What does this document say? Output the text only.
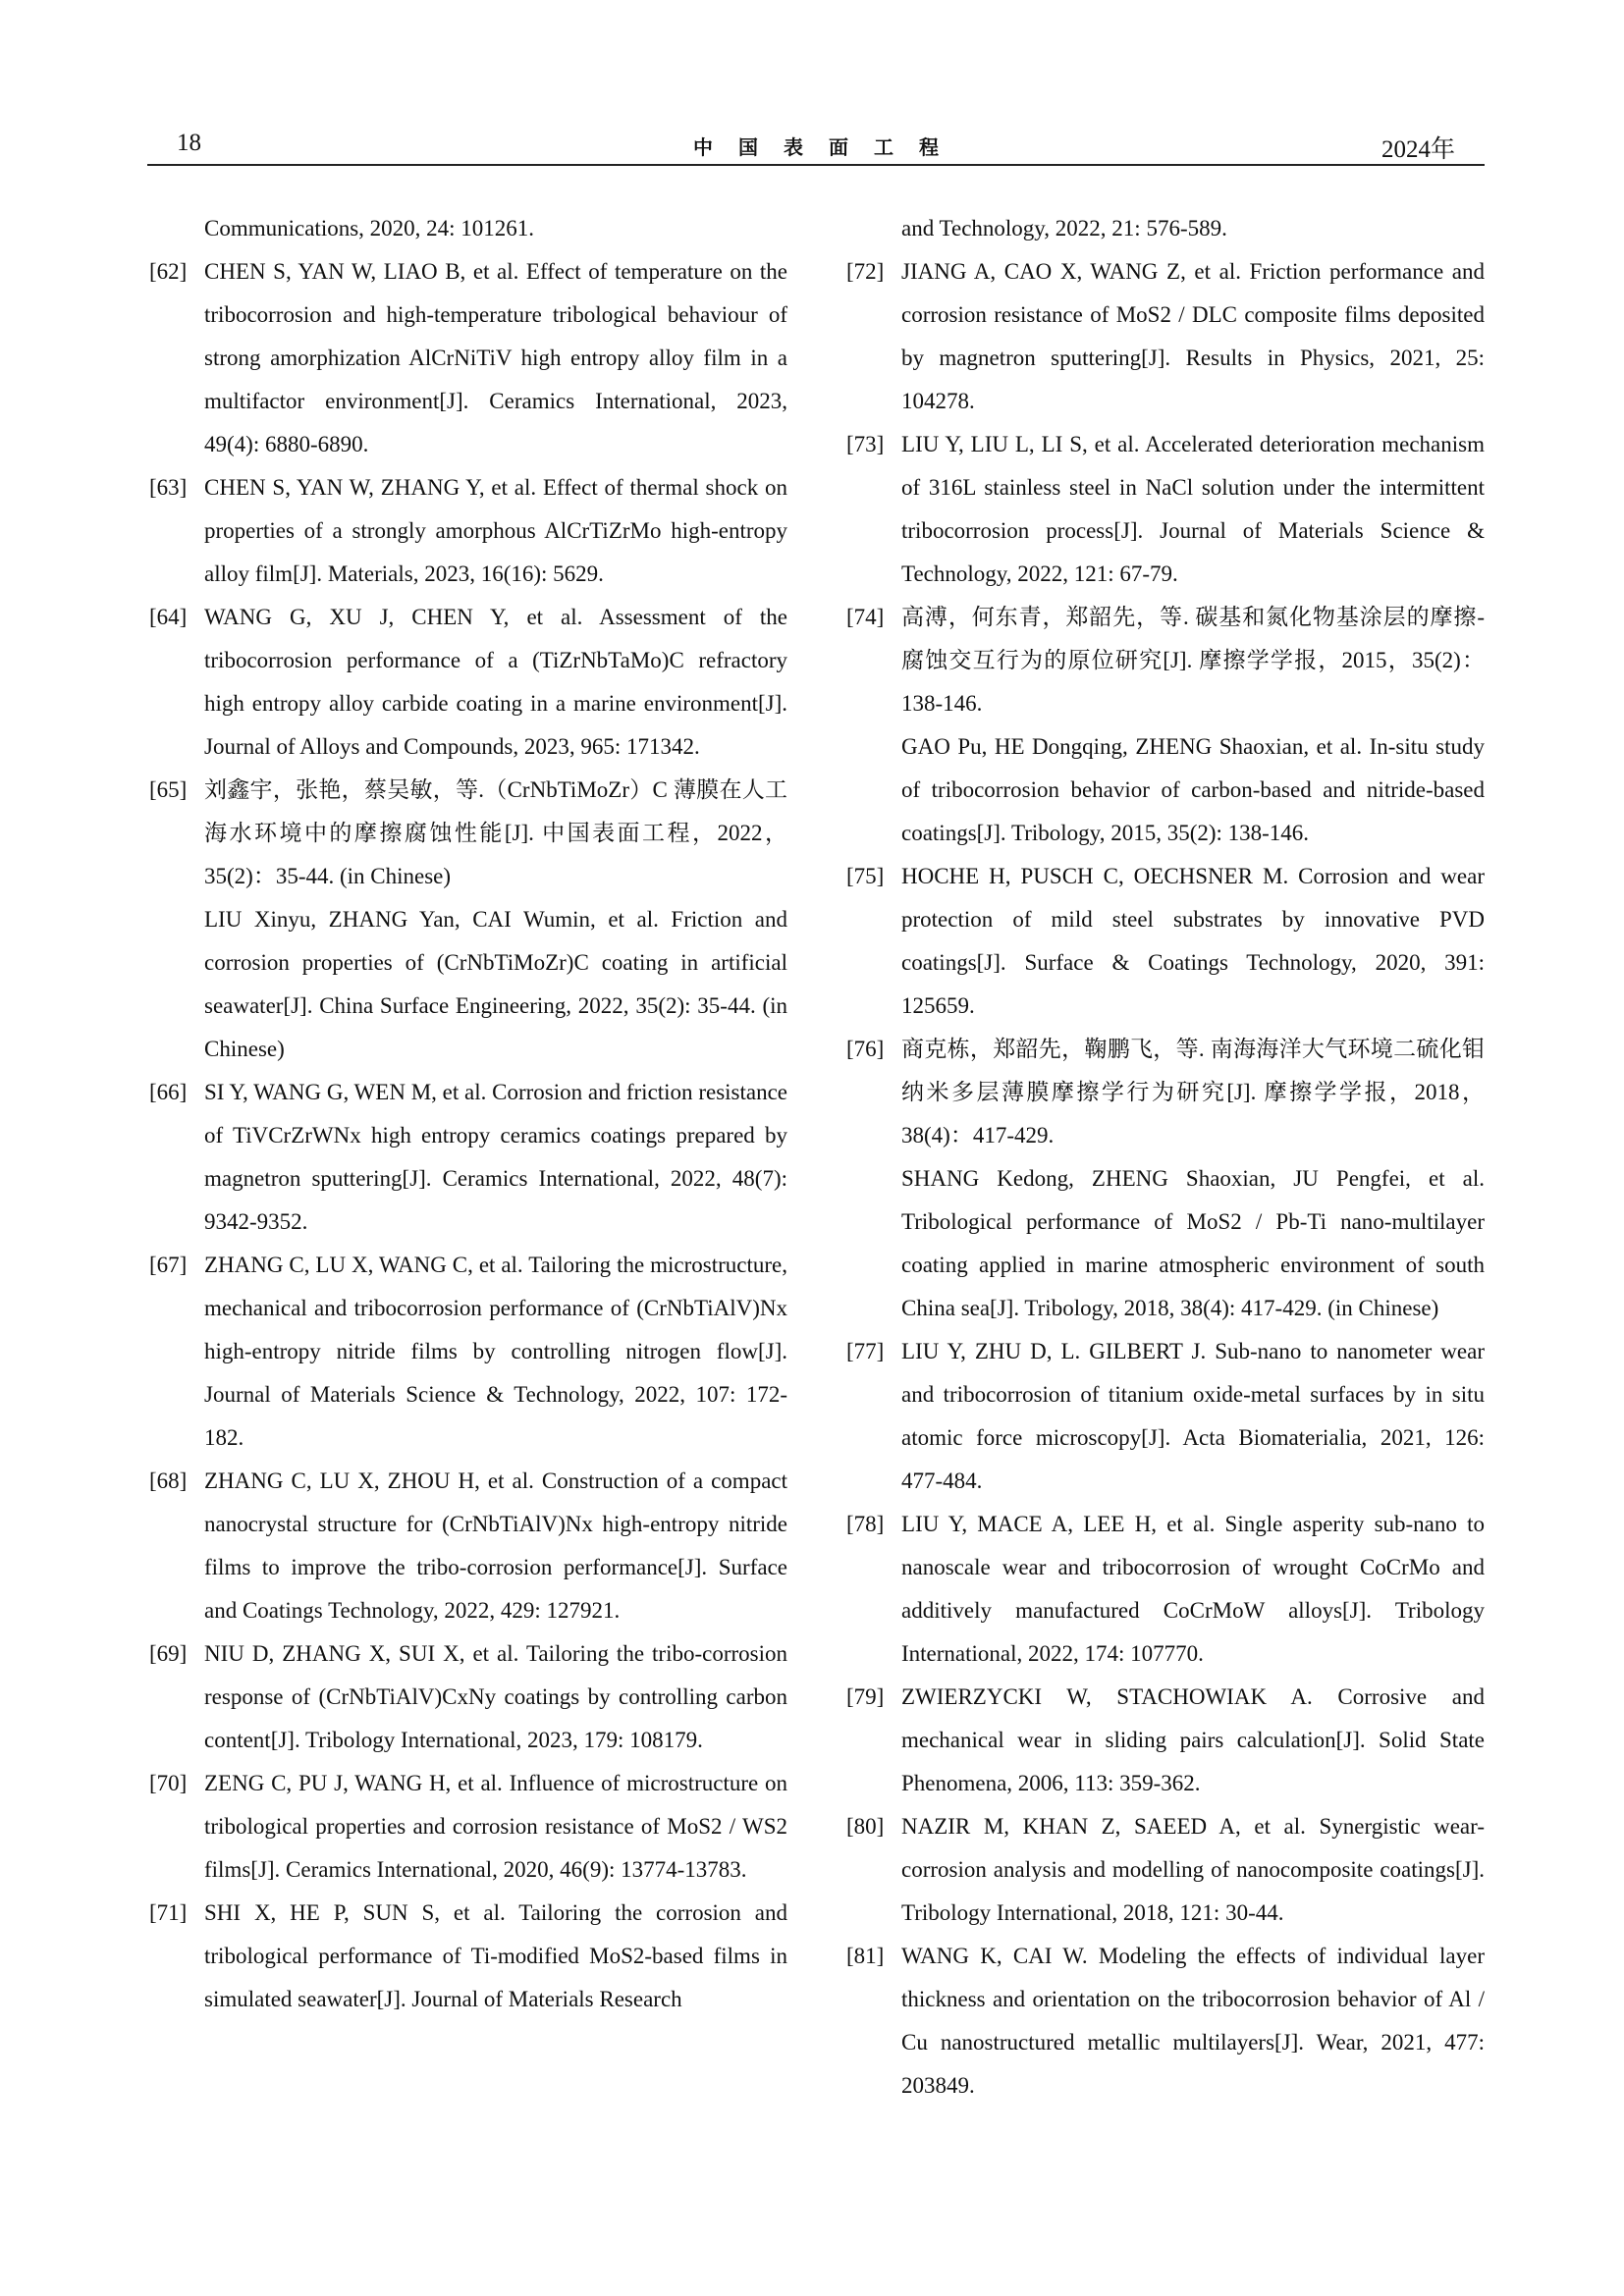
18	中国表面工程	2024年
Communications, 2020, 24: 101261.
[62] CHEN S, YAN W, LIAO B, et al. Effect of temperature on the tribocorrosion and high-temperature tribological behaviour of strong amorphization AlCrNiTiV high entropy alloy film in a multifactor environment[J]. Ceramics International, 2023, 49(4): 6880-6890.
[63] CHEN S, YAN W, ZHANG Y, et al. Effect of thermal shock on properties of a strongly amorphous AlCrTiZrMo high-entropy alloy film[J]. Materials, 2023, 16(16): 5629.
[64] WANG G, XU J, CHEN Y, et al. Assessment of the tribocorrosion performance of a (TiZrNbTaMo)C refractory high entropy alloy carbide coating in a marine environment[J]. Journal of Alloys and Compounds, 2023, 965: 171342.
[65] 刘鑫宇，张艳，蔡吴敏，等.（CrNbTiMoZr）C 薄膜在人工海水环境中的摩擦腐蚀性能[J]. 中国表面工程，2022，35(2)：35-44. (in Chinese)
LIU Xinyu, ZHANG Yan, CAI Wumin, et al. Friction and corrosion properties of (CrNbTiMoZr)C coating in artificial seawater[J]. China Surface Engineering, 2022, 35(2): 35-44. (in Chinese)
[66] SI Y, WANG G, WEN M, et al. Corrosion and friction resistance of TiVCrZrWNx high entropy ceramics coatings prepared by magnetron sputtering[J]. Ceramics International, 2022, 48(7): 9342-9352.
[67] ZHANG C, LU X, WANG C, et al. Tailoring the microstructure, mechanical and tribocorrosion performance of (CrNbTiAlV)Nx high-entropy nitride films by controlling nitrogen flow[J]. Journal of Materials Science & Technology, 2022, 107: 172-182.
[68] ZHANG C, LU X, ZHOU H, et al. Construction of a compact nanocrystal structure for (CrNbTiAlV)Nx high-entropy nitride films to improve the tribo-corrosion performance[J]. Surface and Coatings Technology, 2022, 429: 127921.
[69] NIU D, ZHANG X, SUI X, et al. Tailoring the tribo-corrosion response of (CrNbTiAlV)CxNy coatings by controlling carbon content[J]. Tribology International, 2023, 179: 108179.
[70] ZENG C, PU J, WANG H, et al. Influence of microstructure on tribological properties and corrosion resistance of MoS2 / WS2 films[J]. Ceramics International, 2020, 46(9): 13774-13783.
[71] SHI X, HE P, SUN S, et al. Tailoring the corrosion and tribological performance of Ti-modified MoS2-based films in simulated seawater[J]. Journal of Materials Research
and Technology, 2022, 21: 576-589.
[72] JIANG A, CAO X, WANG Z, et al. Friction performance and corrosion resistance of MoS2 / DLC composite films deposited by magnetron sputtering[J]. Results in Physics, 2021, 25: 104278.
[73] LIU Y, LIU L, LI S, et al. Accelerated deterioration mechanism of 316L stainless steel in NaCl solution under the intermittent tribocorrosion process[J]. Journal of Materials Science & Technology, 2022, 121: 67-79.
[74] 高溥，何东青，郑韶先，等. 碳基和氮化物基涂层的摩擦-腐蚀交互行为的原位研究[J]. 摩擦学学报，2015，35(2)：138-146.
GAO Pu, HE Dongqing, ZHENG Shaoxian, et al. In-situ study of tribocorrosion behavior of carbon-based and nitride-based coatings[J]. Tribology, 2015, 35(2): 138-146.
[75] HOCHE H, PUSCH C, OECHSNER M. Corrosion and wear protection of mild steel substrates by innovative PVD coatings[J]. Surface & Coatings Technology, 2020, 391: 125659.
[76] 商克栋，郑韶先，鞠鹏飞，等. 南海海洋大气环境二硫化钼纳米多层薄膜摩擦学行为研究[J]. 摩擦学学报，2018，38(4)：417-429.
SHANG Kedong, ZHENG Shaoxian, JU Pengfei, et al. Tribological performance of MoS2 / Pb-Ti nano-multilayer coating applied in marine atmospheric environment of south China sea[J]. Tribology, 2018, 38(4): 417-429. (in Chinese)
[77] LIU Y, ZHU D, L. GILBERT J. Sub-nano to nanometer wear and tribocorrosion of titanium oxide-metal surfaces by in situ atomic force microscopy[J]. Acta Biomaterialia, 2021, 126: 477-484.
[78] LIU Y, MACE A, LEE H, et al. Single asperity sub-nano to nanoscale wear and tribocorrosion of wrought CoCrMo and additively manufactured CoCrMoW alloys[J]. Tribology International, 2022, 174: 107770.
[79] ZWIERZYCKI W, STACHOWIAK A. Corrosive and mechanical wear in sliding pairs calculation[J]. Solid State Phenomena, 2006, 113: 359-362.
[80] NAZIR M, KHAN Z, SAEED A, et al. Synergistic wear-corrosion analysis and modelling of nanocomposite coatings[J]. Tribology International, 2018, 121: 30-44.
[81] WANG K, CAI W. Modeling the effects of individual layer thickness and orientation on the tribocorrosion behavior of Al / Cu nanostructured metallic multilayers[J]. Wear, 2021, 477: 203849.
